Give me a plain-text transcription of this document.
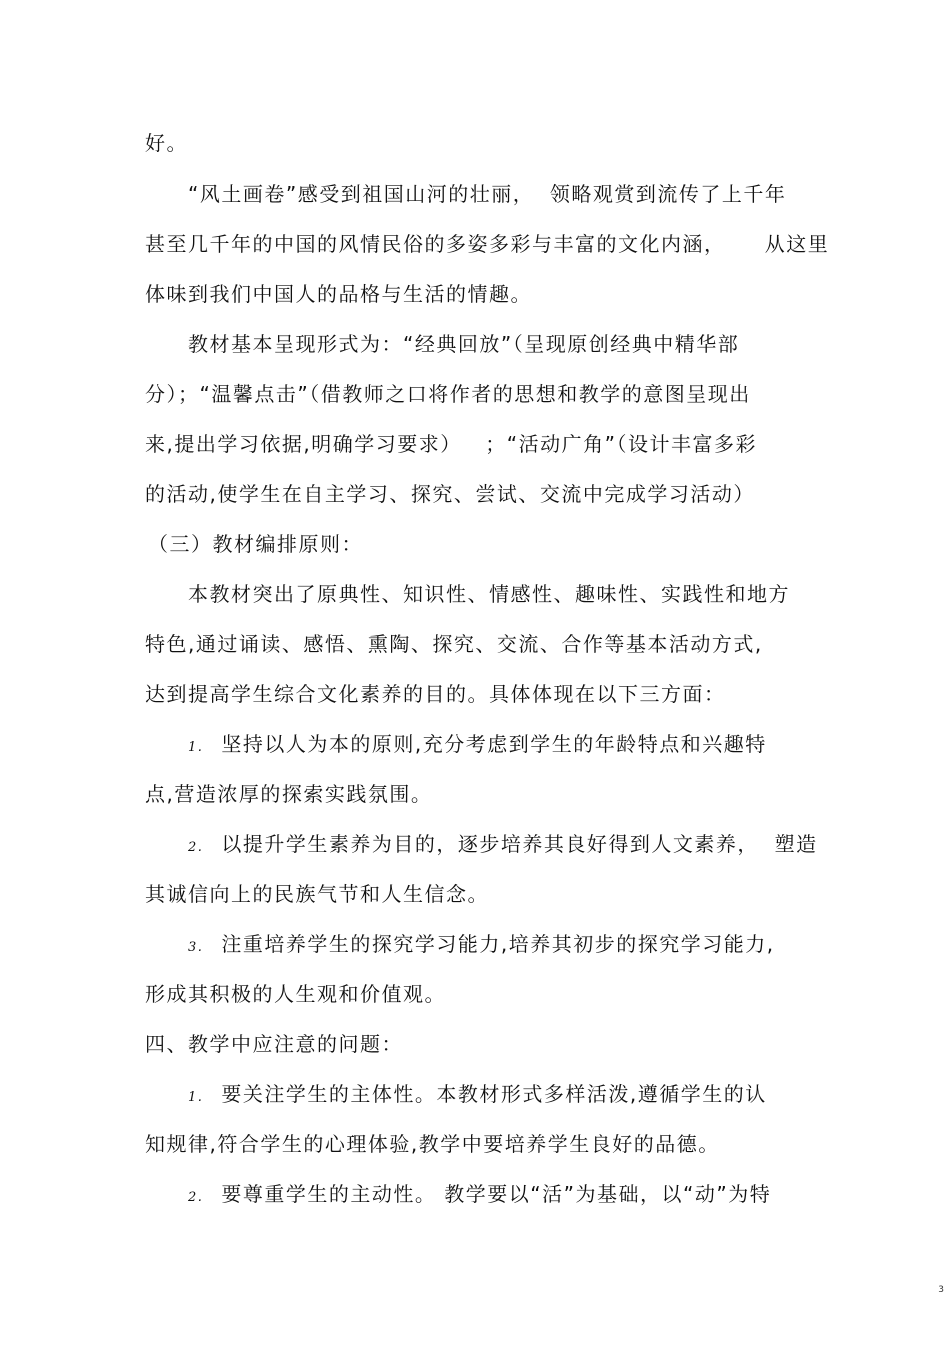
好。
“风土画卷”感受到祖国山河的壮丽，  领略观赏到流传了上千年
甚至几千年的中国的风情民俗的多姿多彩与丰富的文化内涵，     从这里
体味到我们中国人的品格与生活的情趣。
教材基本呈现形式为：“经典回放”（呈现原创经典中精华部
分）；“温馨点击”（借教师之口将作者的思想和教学的意图呈现出
来,提出学习依据,明确学习要求）   ；“活动广角”（设计丰富多彩
的活动,使学生在自主学习、探究、尝试、交流中完成学习活动）
（三）教材编排原则：
本教材突出了原典性、知识性、情感性、趣味性、实践性和地方
特色,通过诵读、感悟、熏陶、探究、交流、合作等基本活动方式,
达到提高学生综合文化素养的目的。具体体现在以下三方面：
1. 坚持以人为本的原则,充分考虑到学生的年龄特点和兴趣特
点,营造浓厚的探索实践氛围。
2. 以提升学生素养为目的，逐步培养其良好得到人文素养，  塑造
其诚信向上的民族气节和人生信念。
3. 注重培养学生的探究学习能力,培养其初步的探究学习能力,
形成其积极的人生观和价值观。
四、教学中应注意的问题：
1. 要关注学生的主体性。本教材形式多样活泼,遵循学生的认
知规律,符合学生的心理体验,教学中要培养学生良好的品德。
2. 要尊重学生的主动性。 教学要以“活”为基础，以“动”为特
3
